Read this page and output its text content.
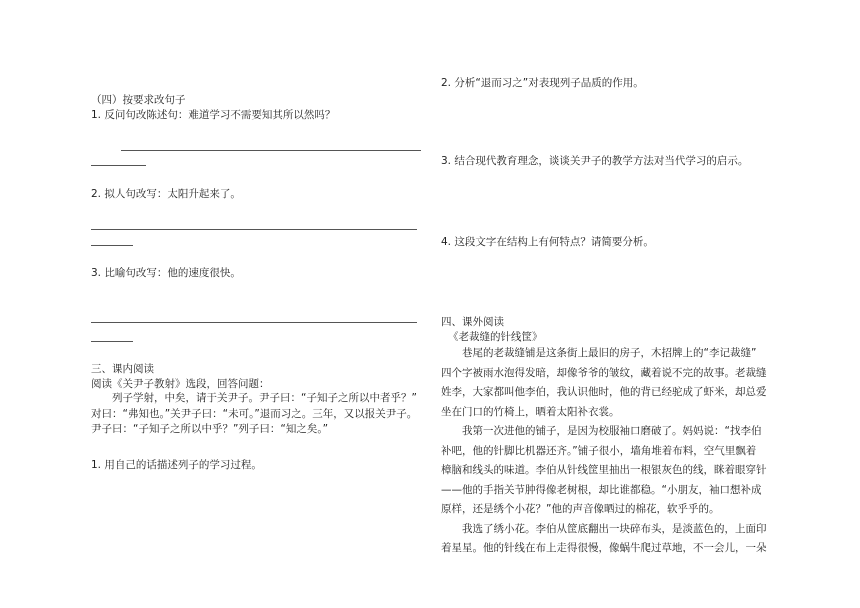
（四）按要求改句子
1. 反问句改陈述句：难道学习不需要知其所以然吗？
2. 拟人句改写：太阳升起来了。
3. 比喻句改写：他的速度很快。
三、课内阅读
阅读《关尹子教射》选段，回答问题：

列子学射，中矣，请于关尹子。尹子曰：“子知子之所以中者乎？”

对曰：“弗知也。”关尹子曰：“未可。”退而习之。三年，又以报关尹子。

尹子曰：“子知子之所以中乎？”列子曰：“知之矣。”

1. 用自己的话描述列子的学习过程。
2. 分析“退而习之”对表现列子品质的作用。
3. 结合现代教育理念，谈谈关尹子的教学方法对当代学习的启示。
4. 这段文字在结构上有何特点？请简要分析。
四、课外阅读
《老裁缝的针线筐》

巷尾的老裁缝铺是这条街上最旧的房子，木招牌上的“李记裁缝”

四个字被雨水泡得发暗，却像爷爷的皱纹，藏着说不完的故事。老裁缝

姓李，大家都叫他李伯，我认识他时，他的背已经驼成了虾米，却总爱

坐在门口的竹椅上，晒着太阳补衣裳。

我第一次进他的铺子，是因为校服袖口磨破了。妈妈说：“找李伯

补吧，他的针脚比机器还齐。”铺子很小，墙角堆着布料，空气里飘着

樟脑和线头的味道。李伯从针线筐里抽出一根银灰色的线，眯着眼穿针

——他的手指关节肿得像老树根，却比谁都稳。“小朋友，袖口想补成

原样，还是绣个小花？”他的声音像晒过的棉花，软乎乎的。

我选了绣小花。李伯从筐底翻出一块碎布头，是淡蓝色的，上面印

着星星。他的针线在布上走得很慢，像蜗牛爬过草地，不一会儿，一朵
